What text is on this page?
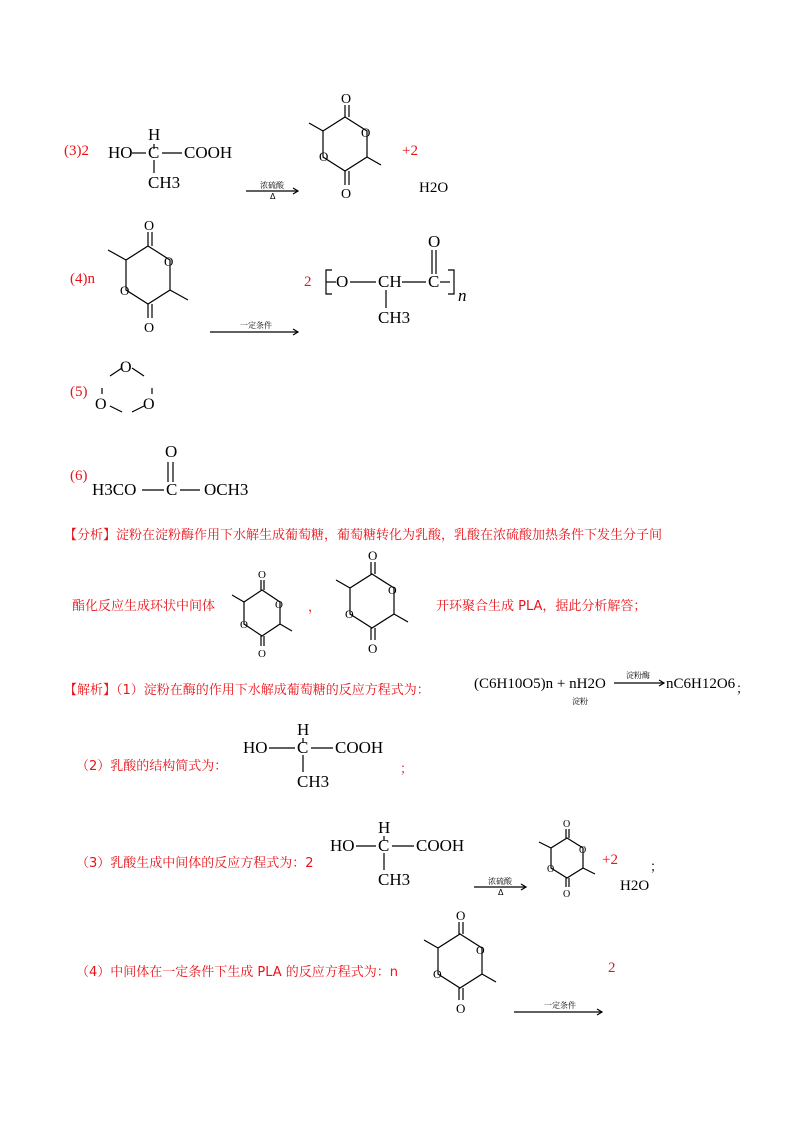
(3)2 HO
H
C COOH
CH3	浓硫酸
Δ
O
O
O
O
+2
H2O
(4)n
O
O
O
O
一定条件
2 O CH C
O
CH3
n
(5)
O
O O
(6)
O
H3CO C OCH3
【分析】淀粉在淀粉酶作用下水解生成葡萄糖，葡萄糖转化为乳酸，乳酸在浓硫酸加热条件下发生分子间
酯化反应生成环状中间体
O
O
O
O ，
O
O
O
O
开环聚合生成 PLA，据此分析解答；
【解析】（1）淀粉在酶的作用下水解成葡萄糖的反应方程式为：	(C6H10O5)n + nH2O
淀粉
淀粉酶
nC6H12O6 ；
（2）乳酸的结构简式为：
HO
H
C COOH
CH3
；
（3）乳酸生成中间体的反应方程式为：2
HO
H
C COOH
CH3	浓硫酸
Δ
O
O
O
O
+2 ；
H2O
（4）中间体在一定条件下生成 PLA 的反应方程式为：n
O
O
O
O
一定条件
2
